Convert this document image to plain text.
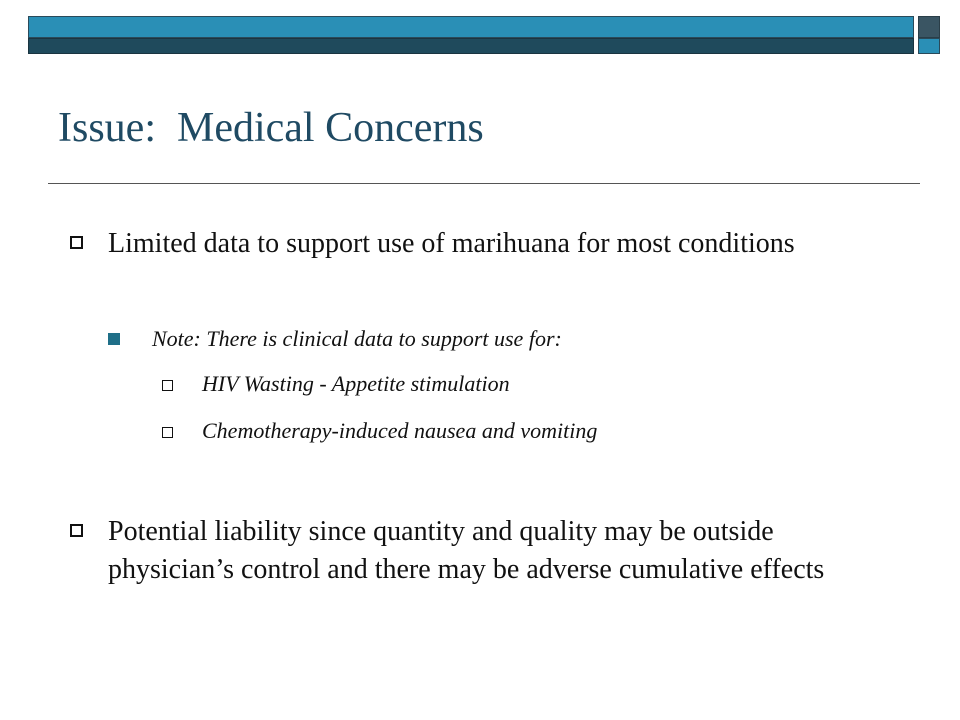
Issue:  Medical Concerns
Limited data to support use of marihuana for most conditions
Note: There is clinical data to support use for:
HIV Wasting - Appetite stimulation
Chemotherapy-induced nausea and vomiting
Potential liability since quantity and quality may be outside physician’s control and there may be adverse cumulative effects
